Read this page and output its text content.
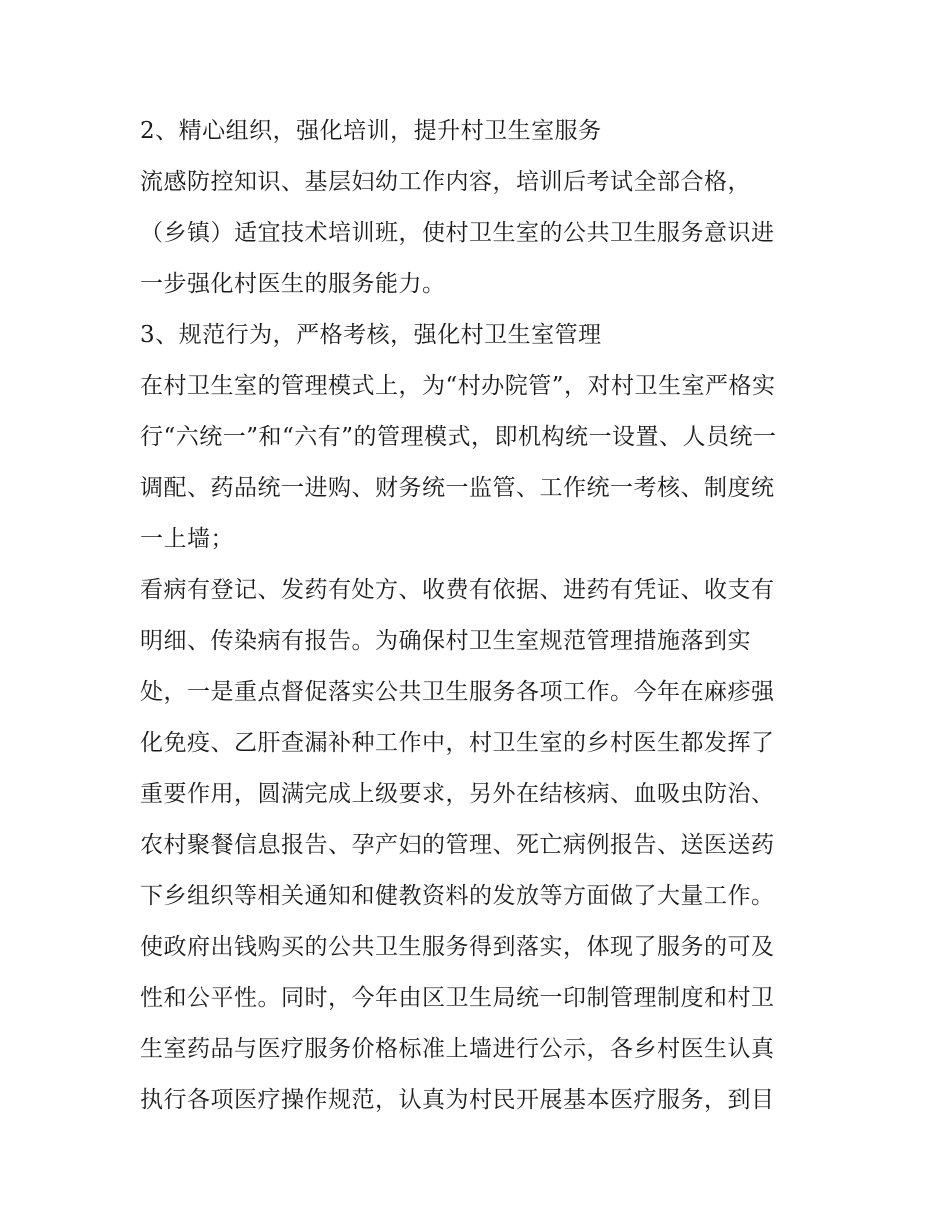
2、精心组织，强化培训，提升村卫生室服务
流感防控知识、基层妇幼工作内容，培训后考试全部合格，
（乡镇）适宜技术培训班，使村卫生室的公共卫生服务意识进
一步强化村医生的服务能力。
3、规范行为，严格考核，强化村卫生室管理
在村卫生室的管理模式上，为“村办院管”，对村卫生室严格实
行“六统一”和“六有”的管理模式，即机构统一设置、人员统一
调配、药品统一进购、财务统一监管、工作统一考核、制度统
一上墙；
看病有登记、发药有处方、收费有依据、进药有凭证、收支有
明细、传染病有报告。为确保村卫生室规范管理措施落到实
处，一是重点督促落实公共卫生服务各项工作。今年在麻疹强
化免疫、乙肝查漏补种工作中，村卫生室的乡村医生都发挥了
重要作用，圆满完成上级要求，另外在结核病、血吸虫防治、
农村聚餐信息报告、孕产妇的管理、死亡病例报告、送医送药
下乡组织等相关通知和健教资料的发放等方面做了大量工作。
使政府出钱购买的公共卫生服务得到落实，体现了服务的可及
性和公平性。同时，今年由区卫生局统一印制管理制度和村卫
生室药品与医疗服务价格标准上墙进行公示，各乡村医生认真
执行各项医疗操作规范，认真为村民开展基本医疗服务，到目
